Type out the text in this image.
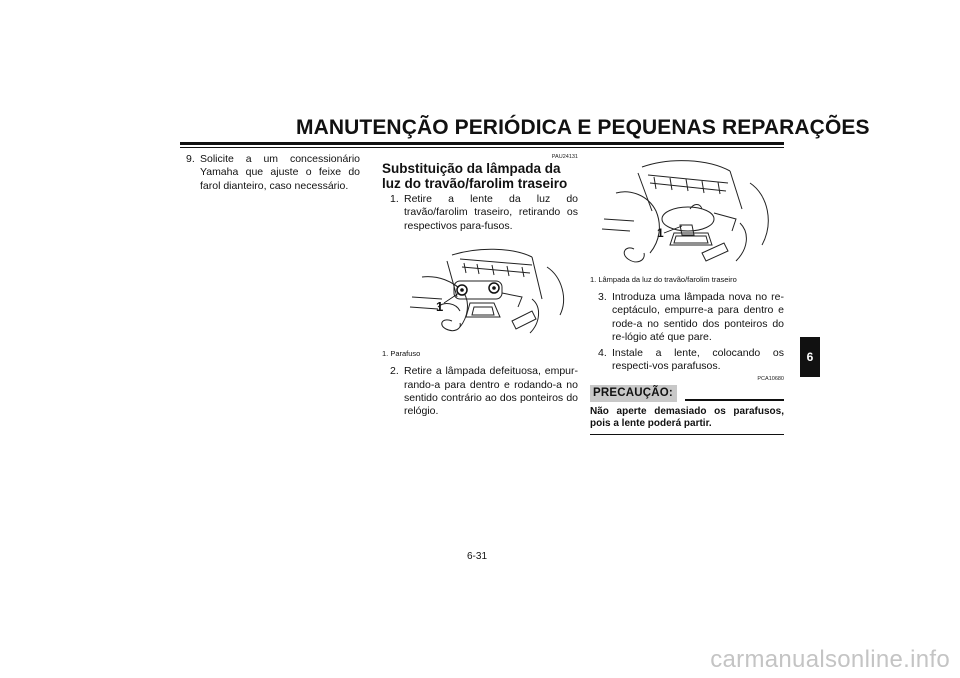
MANUTENÇÃO PERIÓDICA E PEQUENAS REPARAÇÕES
9. Solicite a um concessionário Yamaha que ajuste o feixe do farol dianteiro, caso necessário.
PAU24131
Substituição da lâmpada da luz do travão/farolim traseiro
1. Retire a lente da luz do travão/farolim traseiro, retirando os respectivos para-fusos.
1
1. Parafuso
2. Retire a lâmpada defeituosa, empur-rando-a para dentro e rodando-a no sentido contrário ao dos ponteiros do relógio.
1
1. Lâmpada da luz do travão/farolim traseiro
3. Introduza uma lâmpada nova no re-ceptáculo, empurre-a para dentro e rode-a no sentido dos ponteiros do re-lógio até que pare.
4. Instale a lente, colocando os respecti-vos parafusos.
PCA10680
PRECAUÇÃO:
Não aperte demasiado os parafusos, pois a lente poderá partir.
6
6-31
carmanualsonline.info
